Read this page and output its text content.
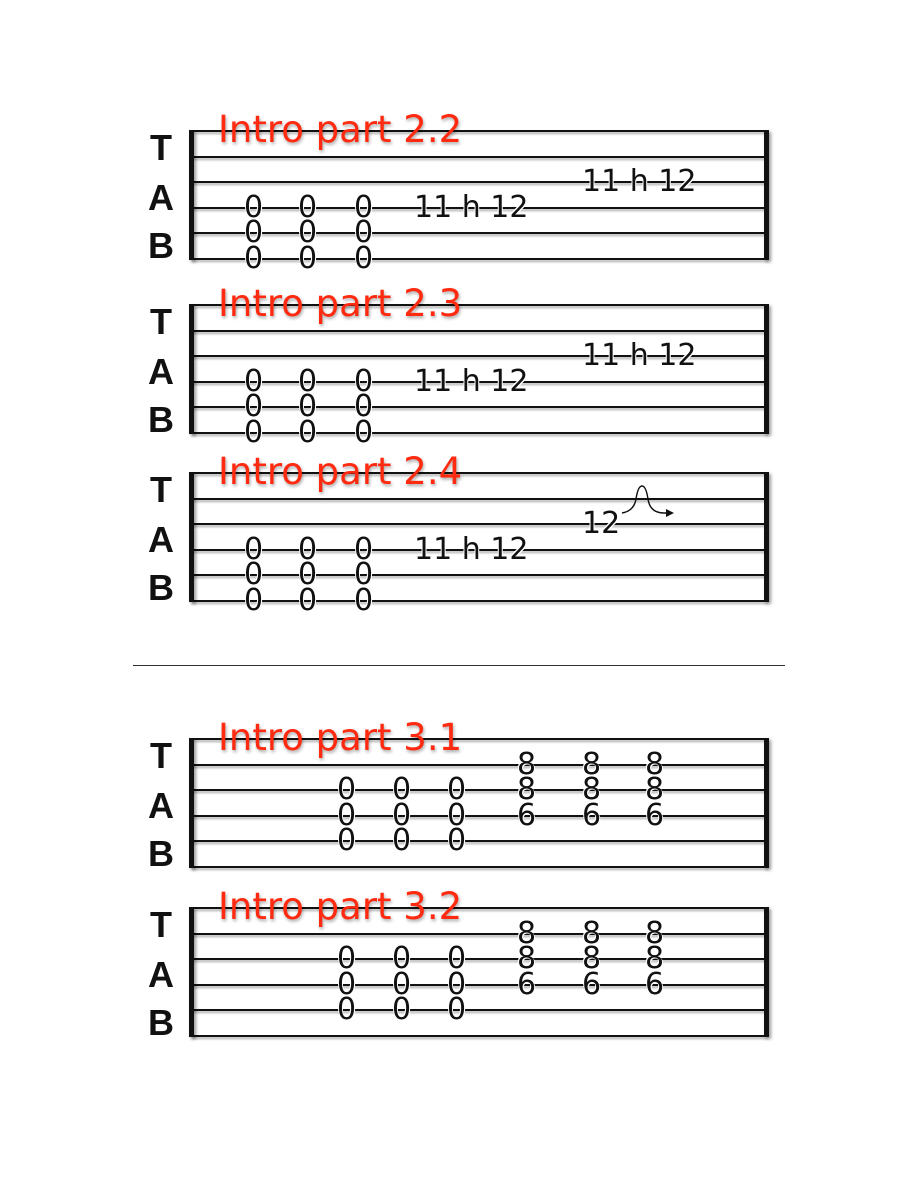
T
A
B
Intro part 2.2
0
0
0
0
0
0
0
0
0
11 h 12
11 h 12
T
A
B
Intro part 2.3
0
0
0
0
0
0
0
0
0
11 h 12
11 h 12
T
A
B
Intro part 2.4
0
0
0
0
0
0
0
0
0
11 h 12
12
T
A
B
Intro part 3.1
0
0
0
0
0
0
0
0
0
8
8
6
8
8
6
8
8
6
T
A
B
Intro part 3.2
0
0
0
0
0
0
0
0
0
8
8
6
8
8
6
8
8
6
